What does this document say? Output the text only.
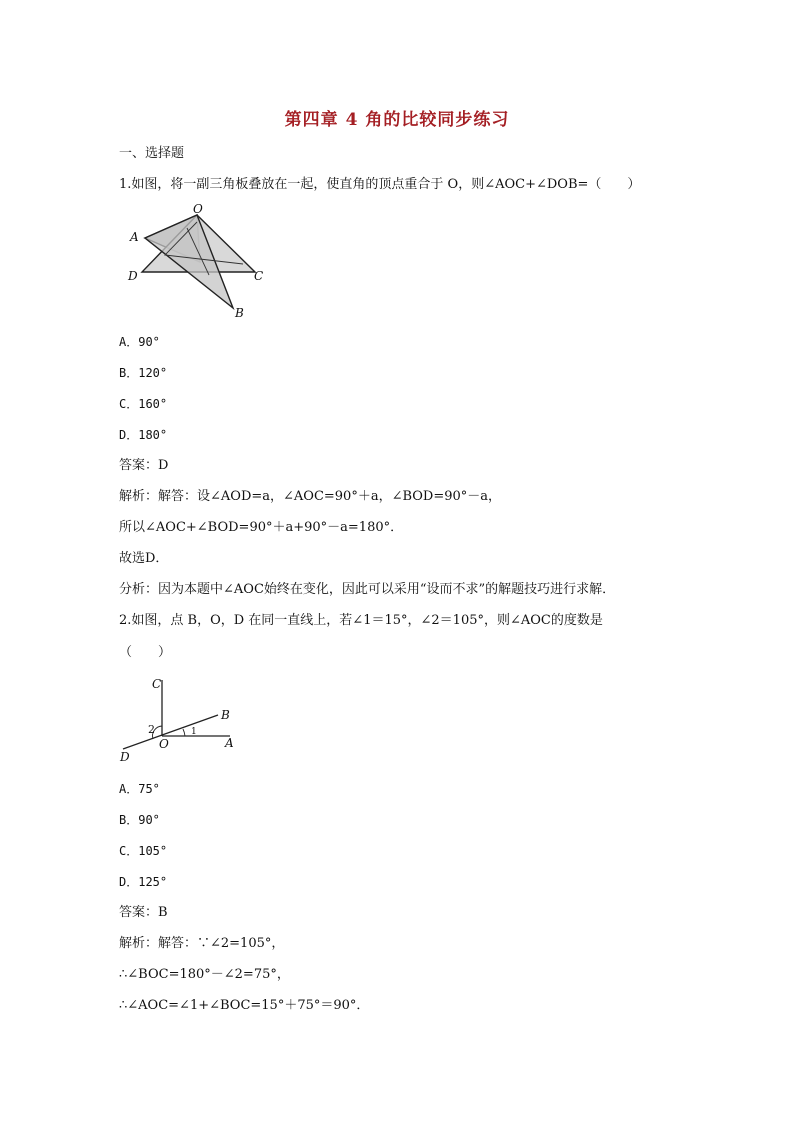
第四章 4 角的比较同步练习
一、选择题
1.如图，将一副三角板叠放在一起，使直角的顶点重合于 O，则∠AOC+∠DOB=（　　）
O
A
D	C
B
A．90°
B．120°
C．160°
D．180°
答案：D
解析：解答：设∠AOD=a，∠AOC=90°＋a，∠BOD=90°－a，
所以∠AOC+∠BOD=90°＋a+90°－a=180°．
故选D．
分析：因为本题中∠AOC始终在变化，因此可以采用“设而不求”的解题技巧进行求解．
2.如图，点 B，O，D 在同一直线上，若∠1＝15°，∠2＝105°，则∠AOC的度数是
（　　）
C
B
2	1
O	A
D
A．75°
B．90°
C．105°
D．125°
答案：B
解析：解答：∵∠2=105°，
∴∠BOC=180°－∠2=75°，
∴∠AOC=∠1+∠BOC=15°＋75°＝90°．
